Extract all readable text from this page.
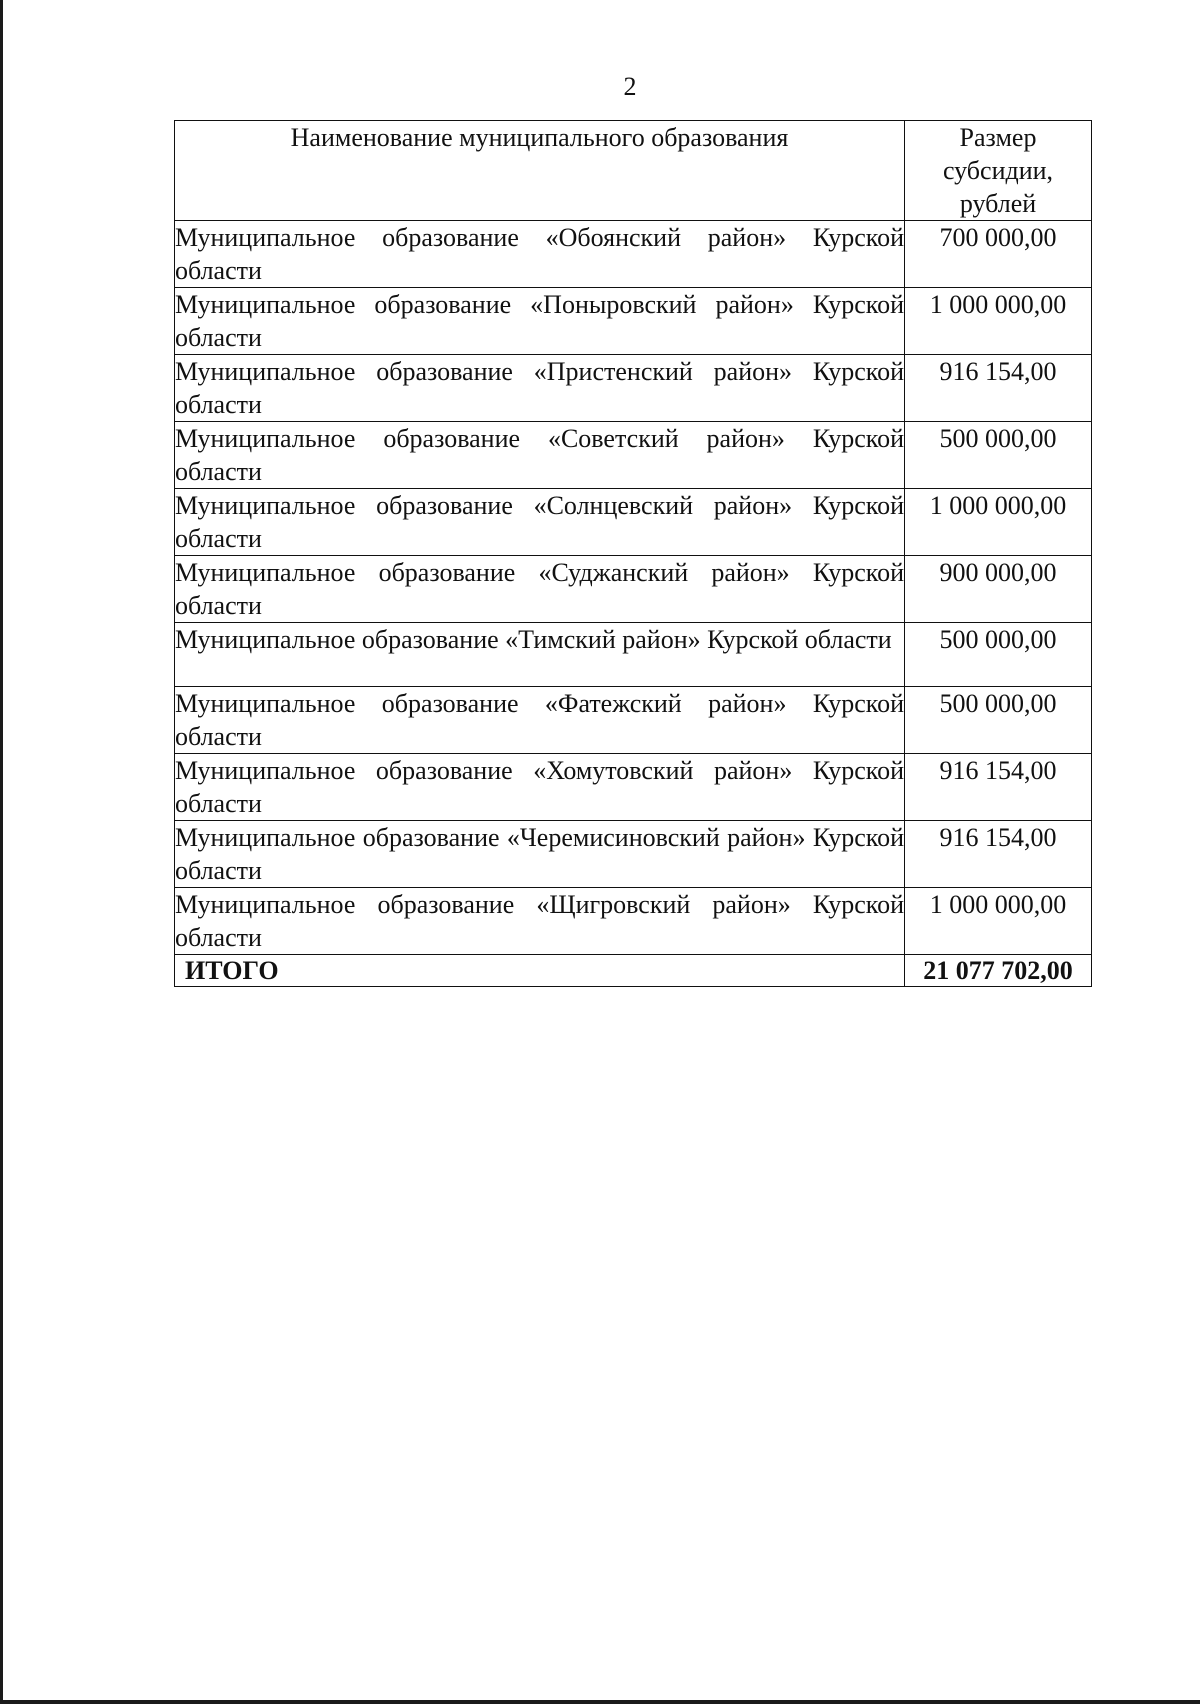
2
Наименование муниципального образования	Размер субсидии, рублей
Муниципальное образование «Обоянский район» Курской области	700 000,00
Муниципальное образование «Поныровский район» Курской области	1 000 000,00
Муниципальное образование «Пристенский район» Курской области	916 154,00
Муниципальное образование «Советский район» Курской области	500 000,00
Муниципальное образование «Солнцевский район» Курской области	1 000 000,00
Муниципальное образование «Суджанский район» Курской области	900 000,00
Муниципальное образование «Тимский район» Курской области	500 000,00
Муниципальное образование «Фатежский район» Курской области	500 000,00
Муниципальное образование «Хомутовский район» Курской области	916 154,00
Муниципальное образование «Черемисиновский район» Курской области	916 154,00
Муниципальное образование «Щигровский район» Курской области	1 000 000,00
ИТОГО	21 077 702,00
